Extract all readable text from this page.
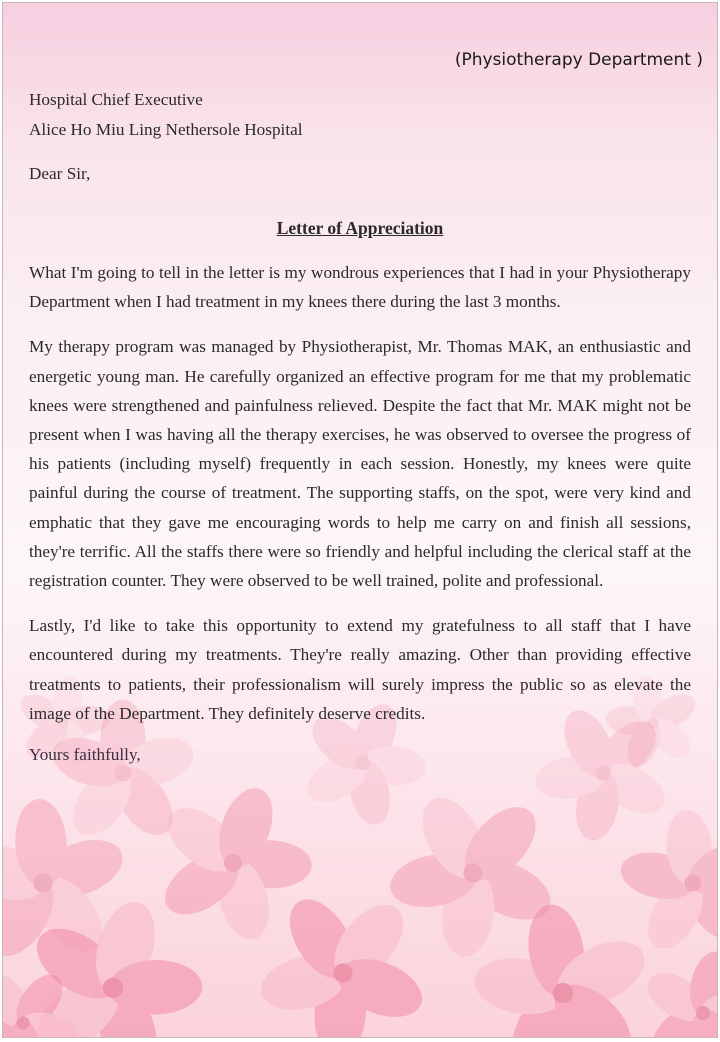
(Physiotherapy Department )
Hospital Chief Executive
Alice Ho Miu Ling Nethersole Hospital
Dear Sir,
Letter of Appreciation

What I'm going to tell in the letter is my wondrous experiences that I had in your Physiotherapy Department when I had treatment in my knees there during the last 3 months.

My therapy program was managed by Physiotherapist, Mr. Thomas MAK, an enthusiastic and energetic young man. He carefully organized an effective program for me that my problematic knees were strengthened and painfulness relieved. Despite the fact that Mr. MAK might not be present when I was having all the therapy exercises, he was observed to oversee the progress of his patients (including myself) frequently in each session. Honestly, my knees were quite painful during the course of treatment. The supporting staffs, on the spot, were very kind and emphatic that they gave me encouraging words to help me carry on and finish all sessions, they're terrific. All the staffs there were so friendly and helpful including the clerical staff at the registration counter. They were observed to be well trained, polite and professional.

Lastly, I'd like to take this opportunity to extend my gratefulness to all staff that I have encountered during my treatments. They're really amazing. Other than providing effective treatments to patients, their professionalism will surely impress the public so as elevate the image of the Department. They definitely deserve credits.

Yours faithfully,
